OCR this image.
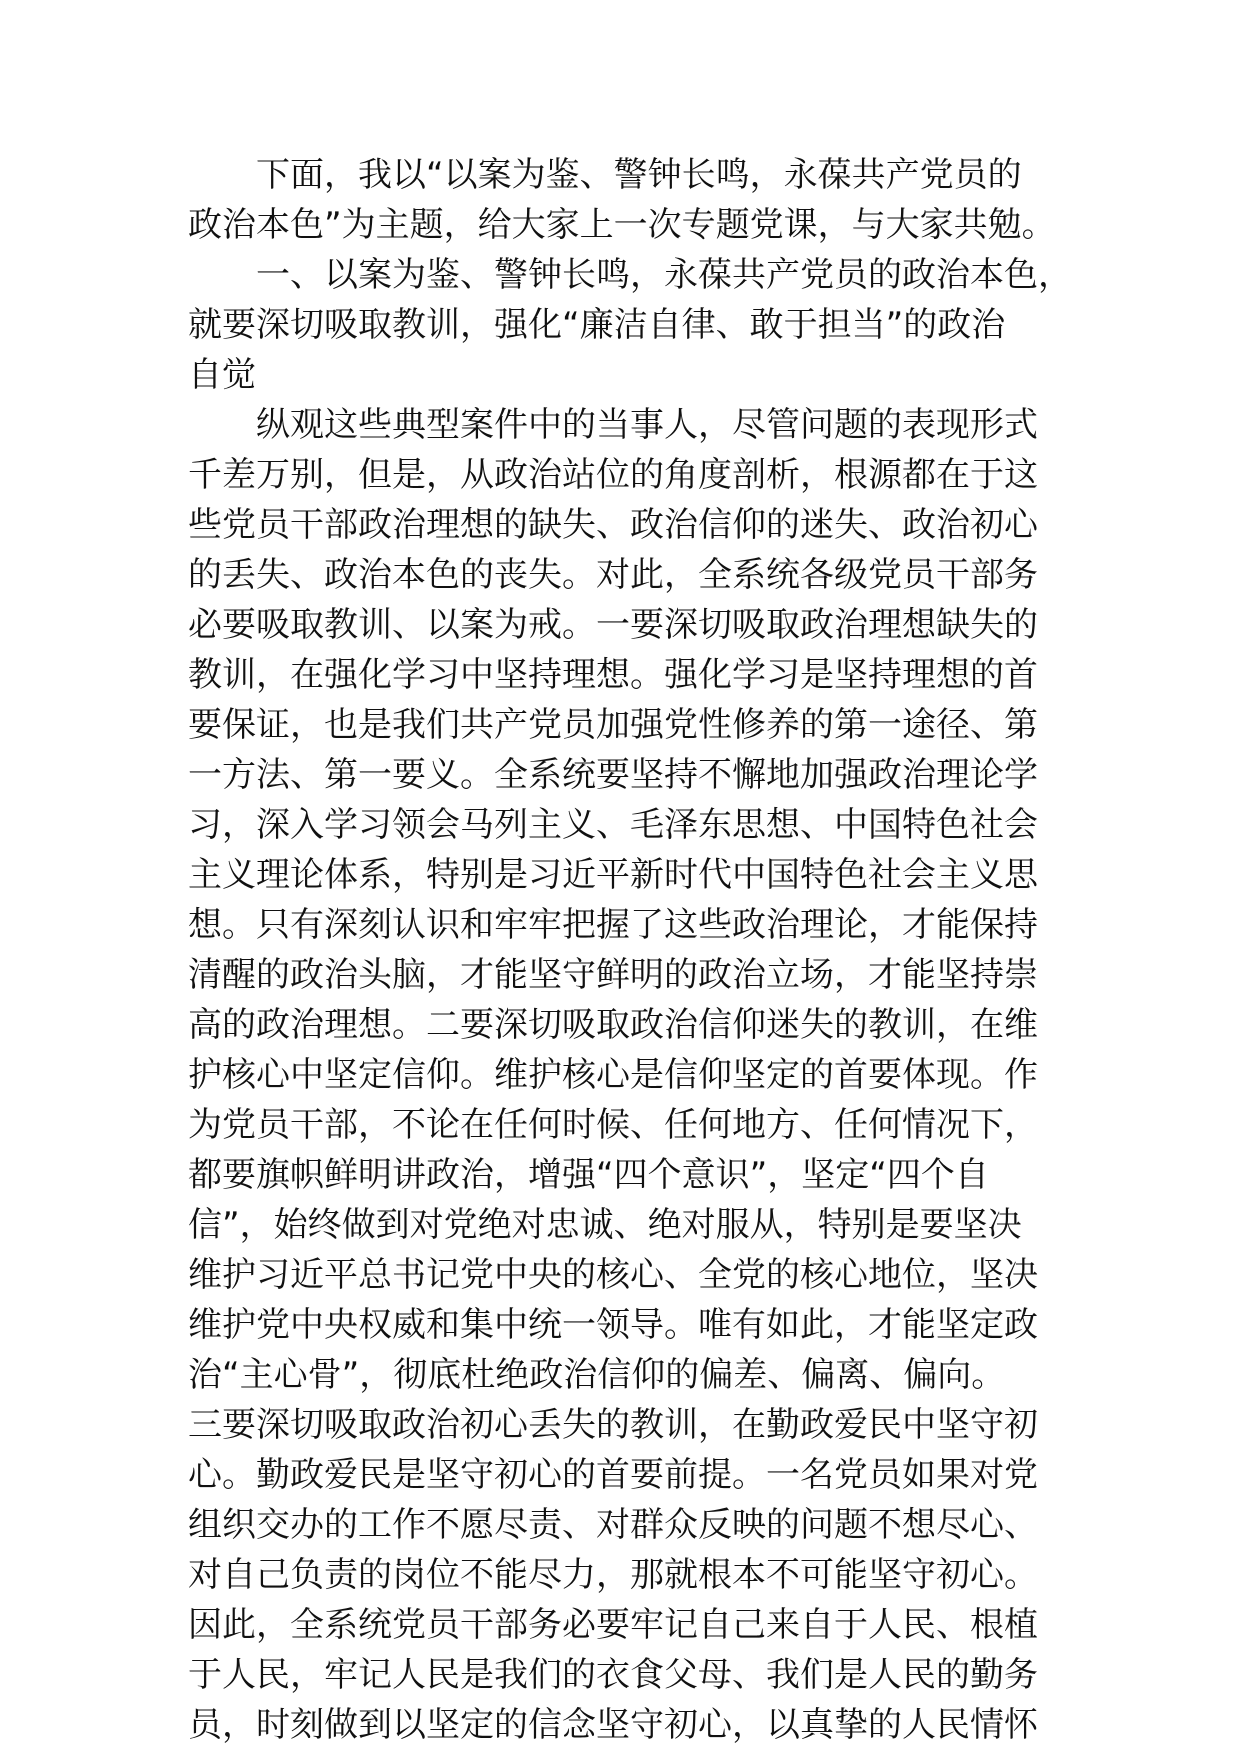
下面，我以“以案为鉴、警钟长鸣，永葆共产党员的
政治本色”为主题，给大家上一次专题党课，与大家共勉。
一、以案为鉴、警钟长鸣，永葆共产党员的政治本色，
就要深切吸取教训，强化“廉洁自律、敢于担当”的政治
自觉
纵观这些典型案件中的当事人，尽管问题的表现形式
千差万别，但是，从政治站位的角度剖析，根源都在于这
些党员干部政治理想的缺失、政治信仰的迷失、政治初心
的丢失、政治本色的丧失。对此，全系统各级党员干部务
必要吸取教训、以案为戒。一要深切吸取政治理想缺失的
教训，在强化学习中坚持理想。强化学习是坚持理想的首
要保证，也是我们共产党员加强党性修养的第一途径、第
一方法、第一要义。全系统要坚持不懈地加强政治理论学
习，深入学习领会马列主义、毛泽东思想、中国特色社会
主义理论体系，特别是习近平新时代中国特色社会主义思
想。只有深刻认识和牢牢把握了这些政治理论，才能保持
清醒的政治头脑，才能坚守鲜明的政治立场，才能坚持崇
高的政治理想。二要深切吸取政治信仰迷失的教训，在维
护核心中坚定信仰。维护核心是信仰坚定的首要体现。作
为党员干部，不论在任何时候、任何地方、任何情况下，
都要旗帜鲜明讲政治，增强“四个意识”，坚定“四个自
信”，始终做到对党绝对忠诚、绝对服从，特别是要坚决
维护习近平总书记党中央的核心、全党的核心地位，坚决
维护党中央权威和集中统一领导。唯有如此，才能坚定政
治“主心骨”，彻底杜绝政治信仰的偏差、偏离、偏向。
三要深切吸取政治初心丢失的教训，在勤政爱民中坚守初
心。勤政爱民是坚守初心的首要前提。一名党员如果对党
组织交办的工作不愿尽责、对群众反映的问题不想尽心、
对自己负责的岗位不能尽力，那就根本不可能坚守初心。
因此，全系统党员干部务必要牢记自己来自于人民、根植
于人民，牢记人民是我们的衣食父母、我们是人民的勤务
员，时刻做到以坚定的信念坚守初心，以真挚的人民情怀
